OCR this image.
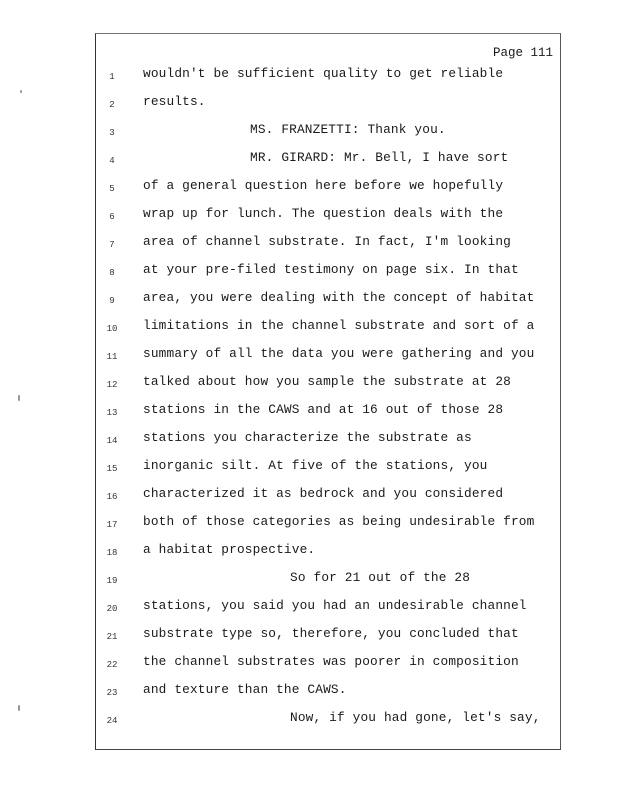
Page 111
1	wouldn't be sufficient quality to get reliable
2	results.
3	MS. FRANZETTI: Thank you.
4	MR. GIRARD: Mr. Bell, I have sort
5	of a general question here before we hopefully
6	wrap up for lunch. The question deals with the
7	area of channel substrate. In fact, I'm looking
8	at your pre-filed testimony on page six. In that
9	area, you were dealing with the concept of habitat
10	limitations in the channel substrate and sort of a
11	summary of all the data you were gathering and you
12	talked about how you sample the substrate at 28
13	stations in the CAWS and at 16 out of those 28
14	stations you characterize the substrate as
15	inorganic silt. At five of the stations, you
16	characterized it as bedrock and you considered
17	both of those categories as being undesirable from
18	a habitat prospective.
19	So for 21 out of the 28
20	stations, you said you had an undesirable channel
21	substrate type so, therefore, you concluded that
22	the channel substrates was poorer in composition
23	and texture than the CAWS.
24	Now, if you had gone, let's say,
